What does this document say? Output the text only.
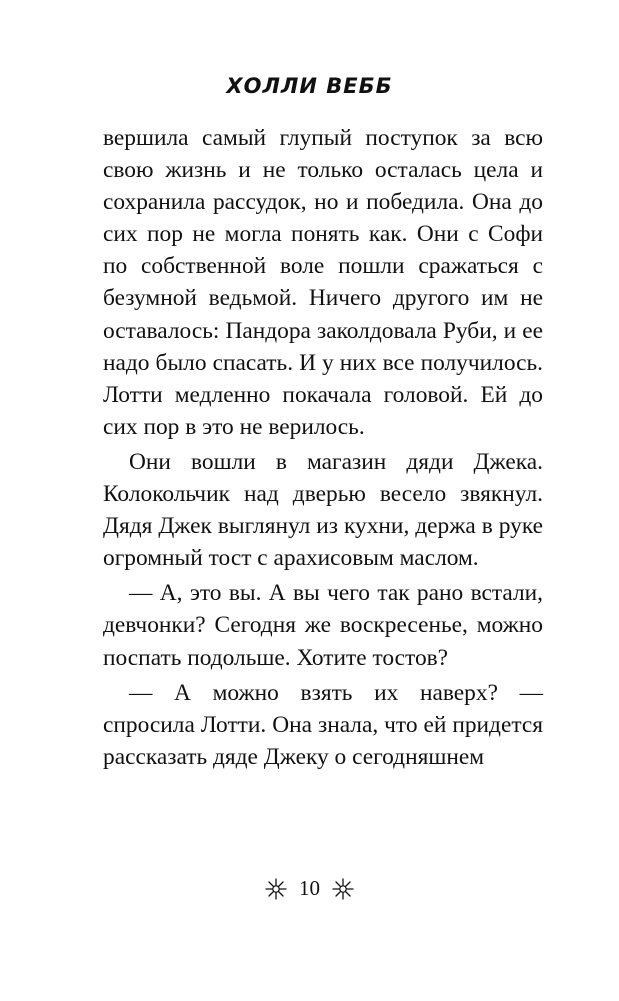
ХОЛЛИ ВЕББ

вершила самый глупый поступок за всю свою жизнь и не только осталась цела и сохранила рассудок, но и победила. Она до сих пор не могла понять как. Они с Софи по собственной воле пошли сражаться с безумной ведьмой. Ничего другого им не оставалось: Пандора заколдовала Руби, и ее надо было спасать. И у них все получилось. Лотти медленно покачала головой. Ей до сих пор в это не верилось.

Они вошли в магазин дяди Джека. Колокольчик над дверью весело звякнул. Дядя Джек выглянул из кухни, держа в руке огромный тост с арахисовым маслом.

— А, это вы. А вы чего так рано встали, девчонки? Сегодня же воскресенье, можно поспать подольше. Хотите тостов?

— А можно взять их наверх? — спросила Лотти. Она знала, что ей придется рассказать дяде Джеку о сегодняшнем

10
